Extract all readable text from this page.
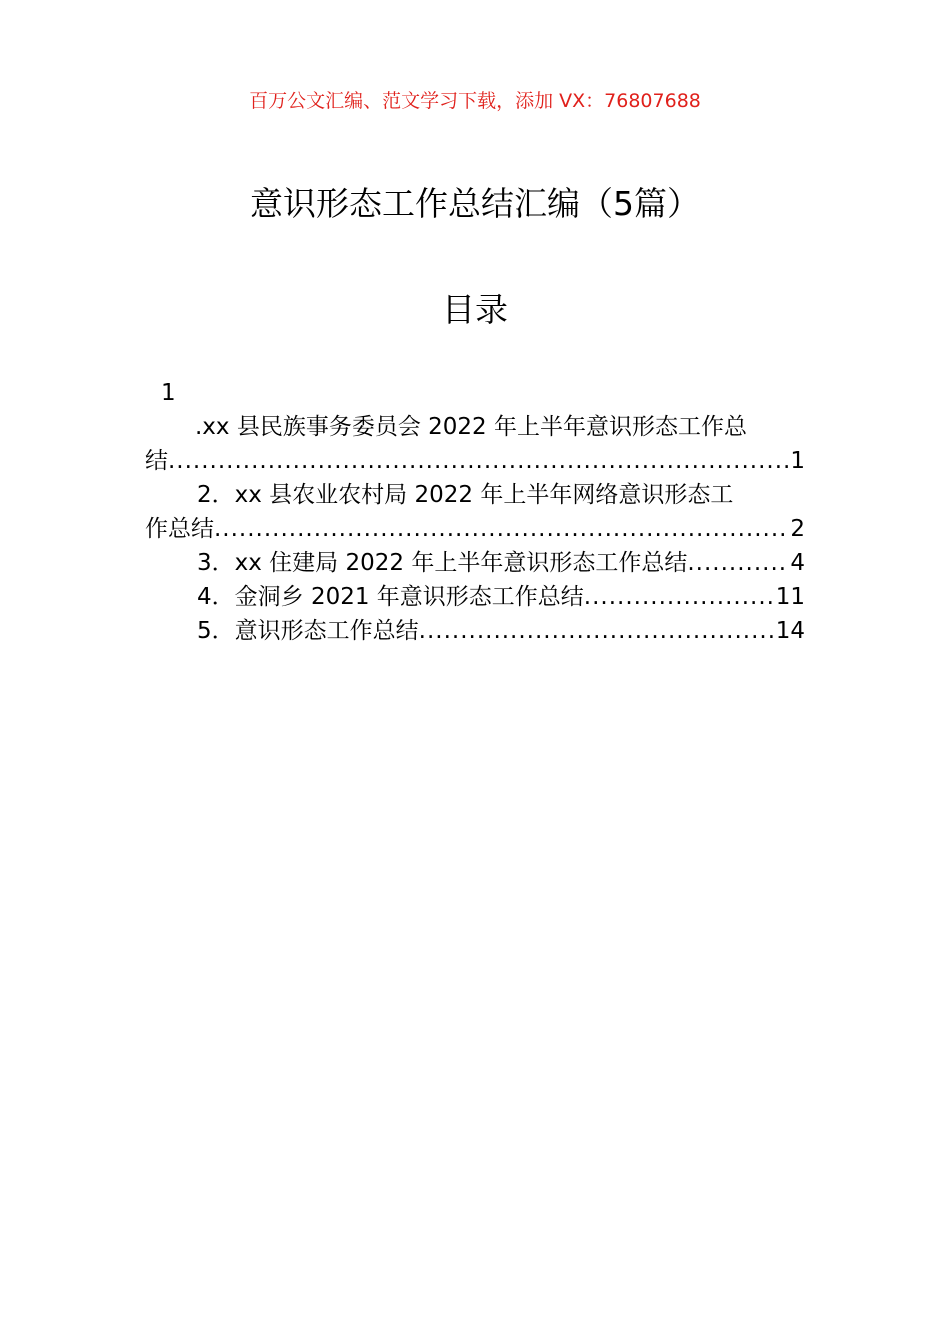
百万公文汇编、范文学习下载，添加 VX：76807688
意识形态工作总结汇编（5篇）
目录
1
.xx 县民族事务委员会 2022 年上半年意识形态工作总
结 .....	1
2．xx 县农业农村局 2022 年上半年网络意识形态工
作总结 .....	2
3．xx 住建局 2022 年上半年意识形态工作总结 .....	4
4．金洞乡 2021 年意识形态工作总结 .....	11
5．意识形态工作总结 .....	14
